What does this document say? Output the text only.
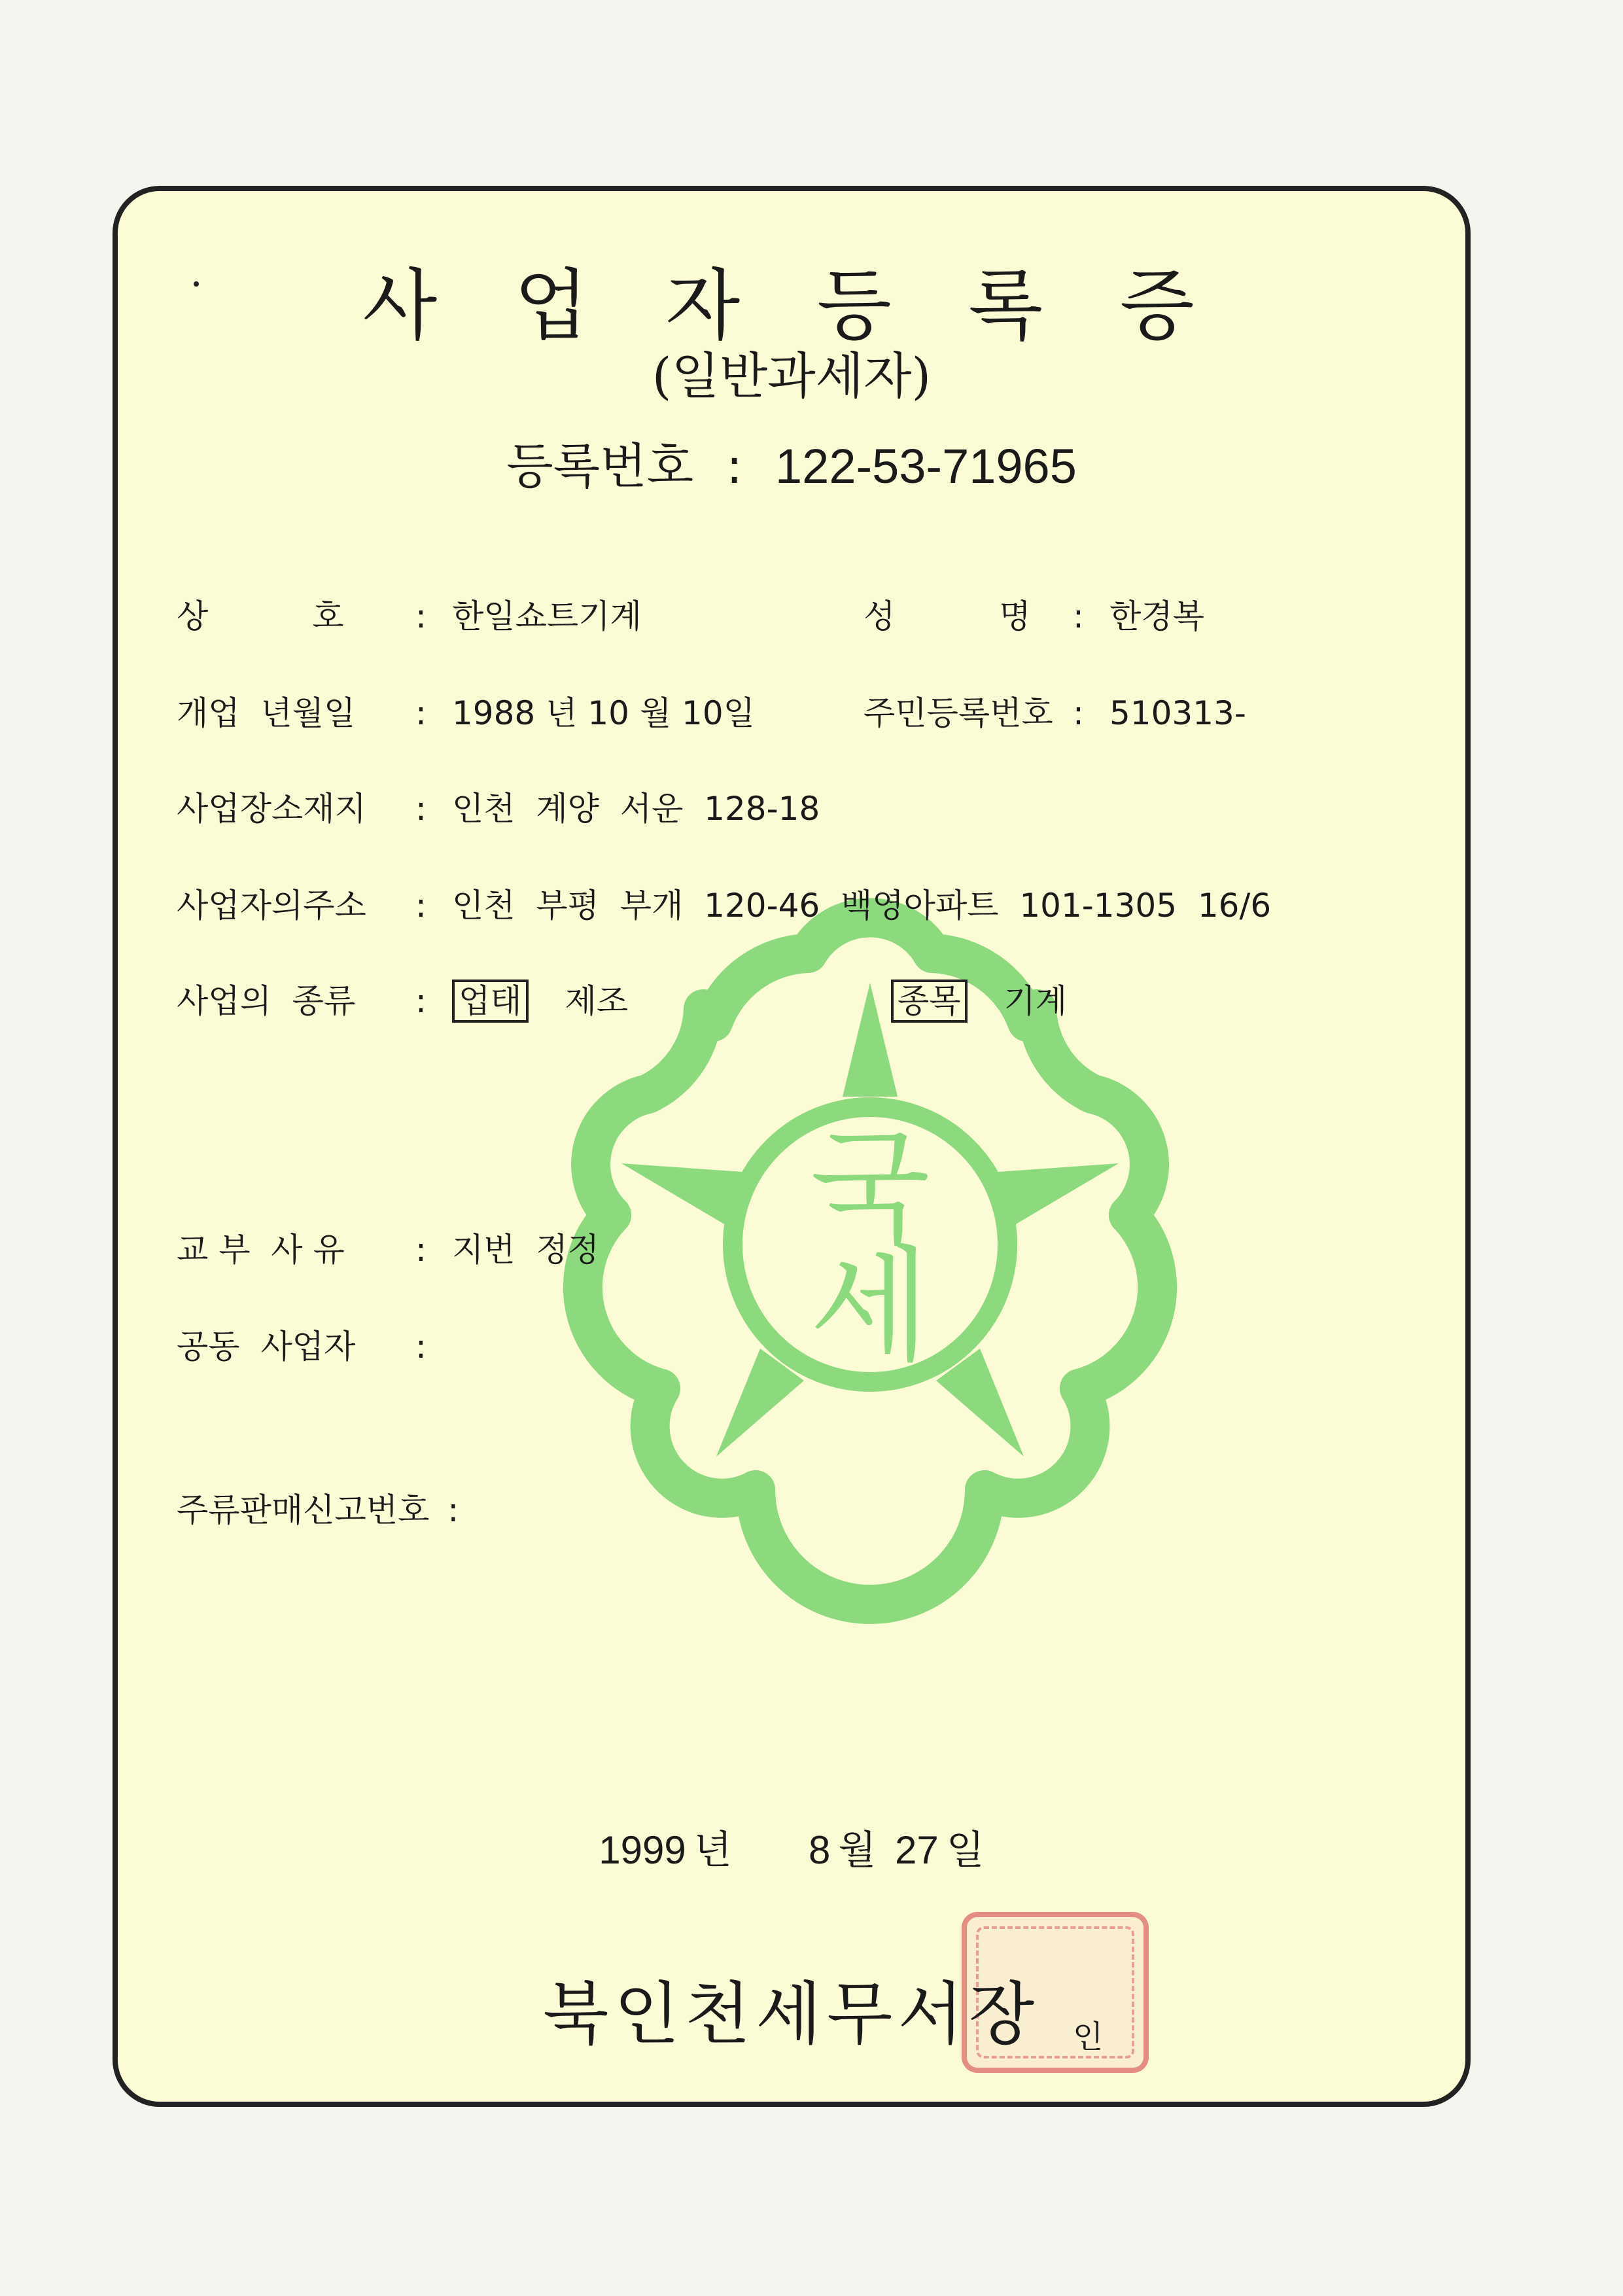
국
세
사 업 자 등 록 증
(일반과세자)
등록번호 : 122-53-71965
상          호 : 한일쇼트기계	성          명 : 한경복
개업  년월일 : 1988 년 10 월 10일	주민등록번호 : 510313-
사업장소재지 : 인천  계양  서운  128-18
사업자의주소 : 인천  부평  부개  120-46  백영아파트  101-1305  16/6
사업의  종류 : 업태 제조	종목 기계
교 부  사 유 : 지번  정정
공동  사업자 :
주류판매신고번호 :
1999 년 8 월 27 일
북인천세무서장 인
